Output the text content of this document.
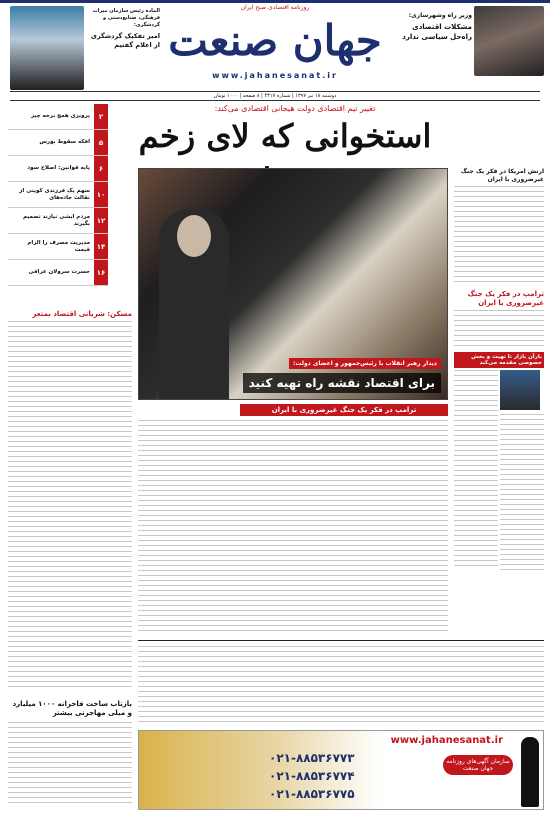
وزیر راه وشهرسازی:
مشکلات اقتصادی راه‌حل سیاسی ندارد
روزنامه اقتصادی صبح ایران
جهان صنعت
www.jahanesanat.ir
الماده رئیس سازمان میراث فرهنگی، صنایع‌دستی و گردشگری:
امیر تفکیک گردشگری از اعلام گفتیم
دوشنبه ۱۸ تیر ۱۳۹۷ | شماره ۴۳۱۷ | ۸ صفحه | ۱۰۰۰ تومان
تغییر تیم اقتصادی دولت هیجانی اقتصادی می‌کند:
استخوانی که لای زخم
۲
پرویزی همچ برخه چیز
۵
افکه سقوط بورس
۶
پایه قوانین: اصلاح سود
۱۰
سهم یک فرزندی کوپنی از نقالت جاده‌های
۱۲
مردم ایشی نیازند تصمیم بگیرند
۱۴
مدیریت مصرف را الزام قیمت
۱۶
حسرت سرولان عراقی
دیدار رهبر انقلاب با رئیس‌جمهور و اعضای دولت:
برای اقتصاد نقشه راه تهیه کنید
مسکن: شریانی اقتصاد بمتعر
ارتش امریکا در فکر یک جنگ غیرضروری با ایران
ترامپ در فکر یک جنگ غیرضروری با ایران
بارآن بازار تا تهیت و بخش خصوصی مقدمه می‌کند
ترامپ در فکر یک جنگ غیرضروری با ایران
بازتاب ساخت فاخرانه ۱۰۰۰ میلیارد و میلی مهاجرتی بیشتر
www.jahanesanat.ir
۰۲۱-۸۸۵۳۶۷۷۳
۰۲۱-۸۸۵۳۶۷۷۴
۰۲۱-۸۸۵۳۶۷۷۵
سازمان آگهی‌های روزنامه جهان صنعت
